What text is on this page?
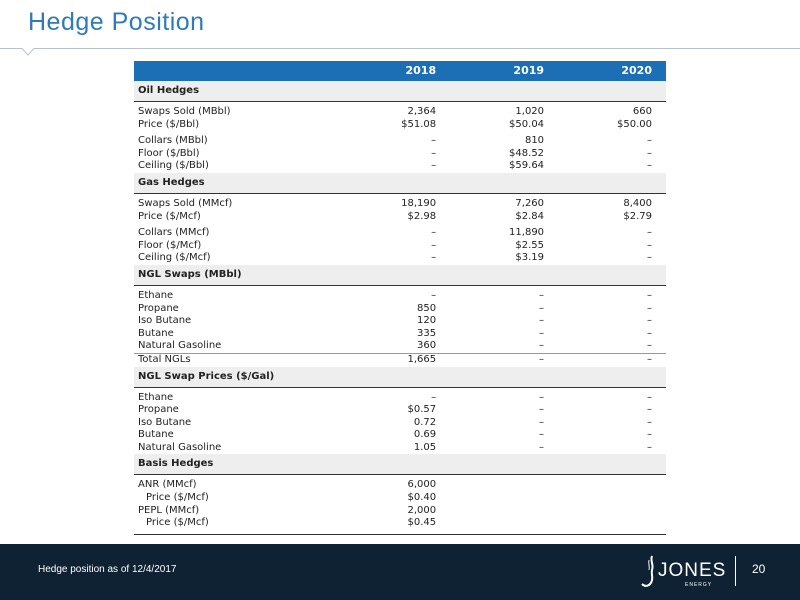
Hedge Position
	2018	2019	2020
Oil Hedges			

Swaps Sold (MBbl)	2,364	1,020	660
Price ($/Bbl)	$51.08	$50.04	$50.00

Collars (MBbl)	–	810	–
Floor ($/Bbl)	–	$48.52	–
Ceiling ($/Bbl)	–	$59.64	–
Gas Hedges			

Swaps Sold (MMcf)	18,190	7,260	8,400
Price ($/Mcf)	$2.98	$2.84	$2.79

Collars (MMcf)	–	11,890	–
Floor ($/Mcf)	–	$2.55	–
Ceiling ($/Mcf)	–	$3.19	–
NGL Swaps (MBbl)			

Ethane	–	–	–
Propane	850	–	–
Iso Butane	120	–	–
Butane	335	–	–
Natural Gasoline	360	–	–
Total NGLs	1,665	–	–
NGL Swap Prices ($/Gal)			

Ethane	–	–	–
Propane	$0.57	–	–
Iso Butane	0.72	–	–
Butane	0.69	–	–
Natural Gasoline	1.05	–	–
Basis Hedges			

ANR (MMcf)	6,000		
Price ($/Mcf)	$0.40		
PEPL (MMcf)	2,000		
Price ($/Mcf)	$0.45		

Hedge position as of 12/4/2017	JONES
ENERGY
20
